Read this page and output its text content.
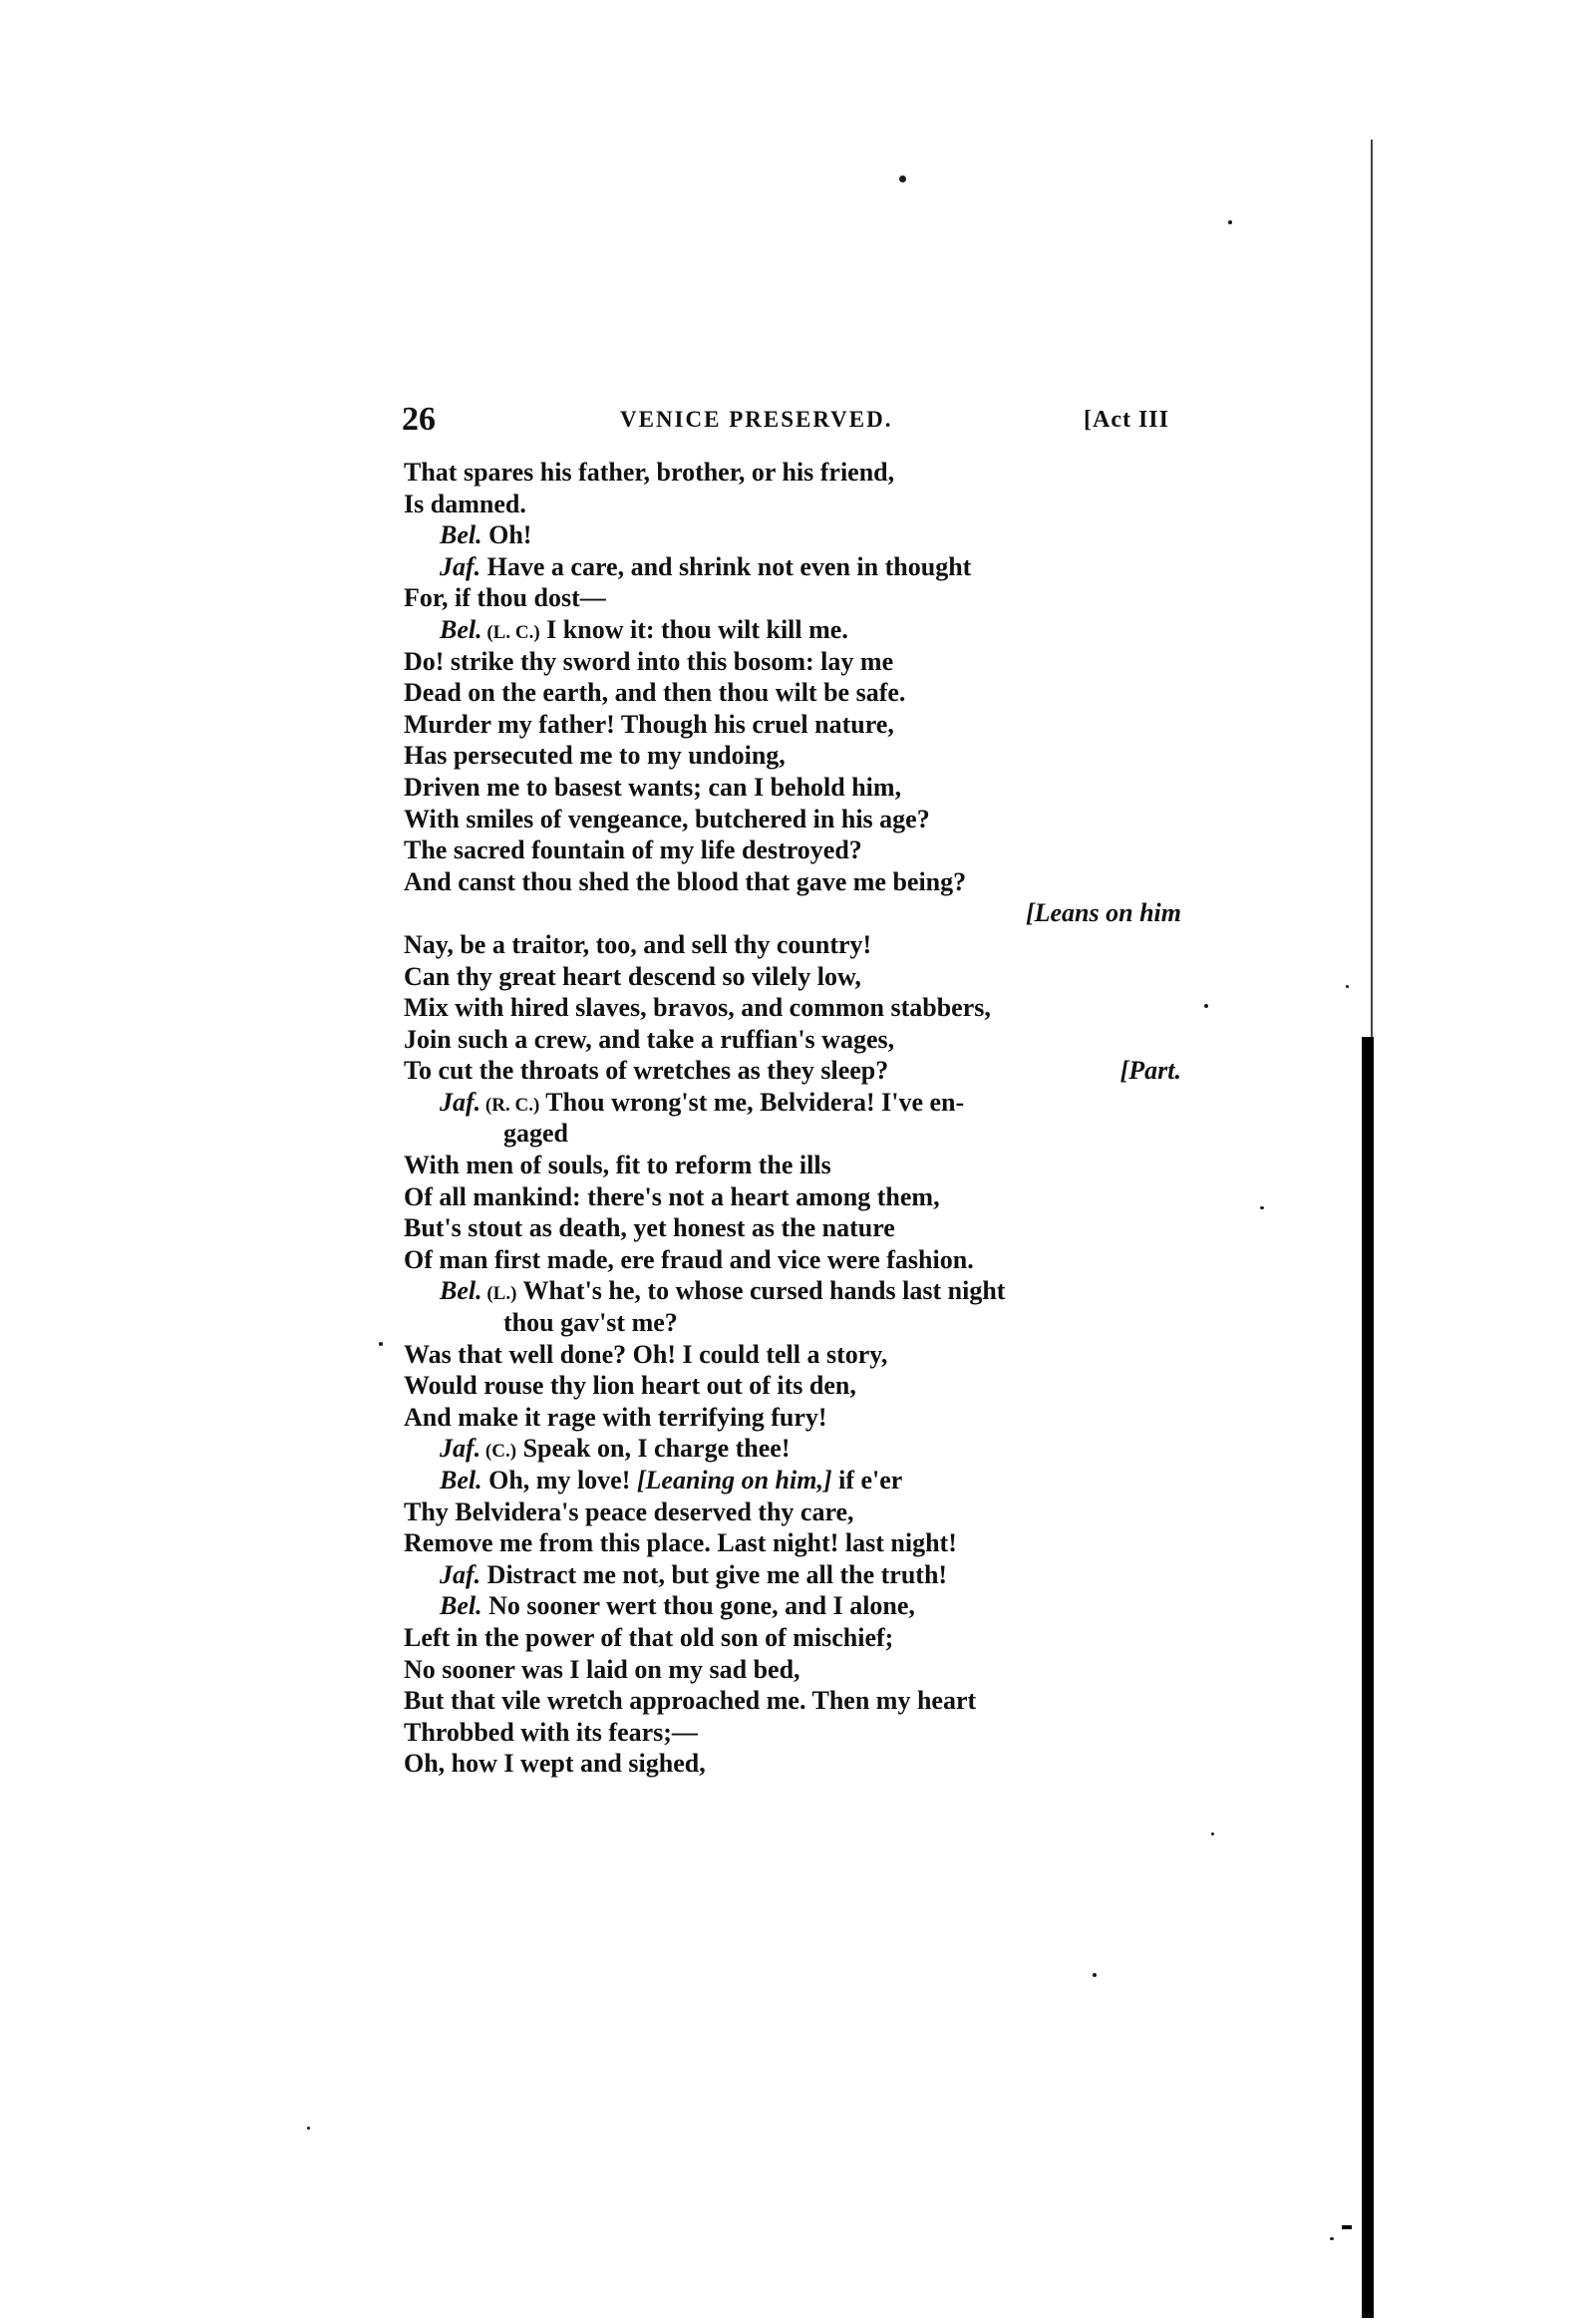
26	VENICE PRESERVED.	[Act III
That spares his father, brother, or his friend,
Is damned.
Bel. Oh!
Jaf. Have a care, and shrink not even in thought
For, if thou dost—
Bel. (L. C.) I know it: thou wilt kill me.
Do! strike thy sword into this bosom: lay me
Dead on the earth, and then thou wilt be safe.
Murder my father! Though his cruel nature,
Has persecuted me to my undoing,
Driven me to basest wants; can I behold him,
With smiles of vengeance, butchered in his age?
The sacred fountain of my life destroyed?
And canst thou shed the blood that gave me being?
[Leans on him
Nay, be a traitor, too, and sell thy country!
Can thy great heart descend so vilely low,
Mix with hired slaves, bravos, and common stabbers,
Join such a crew, and take a ruffian's wages,
To cut the throats of wretches as they sleep?	[Part.
Jaf. (R. C.) Thou wrong'st me, Belvidera! I've en-
gaged
With men of souls, fit to reform the ills
Of all mankind: there's not a heart among them,
But's stout as death, yet honest as the nature
Of man first made, ere fraud and vice were fashion.
Bel. (L.) What's he, to whose cursed hands last night
thou gav'st me?
Was that well done? Oh! I could tell a story,
Would rouse thy lion heart out of its den,
And make it rage with terrifying fury!
Jaf. (C.) Speak on, I charge thee!
Bel. Oh, my love! [Leaning on him,] if e'er
Thy Belvidera's peace deserved thy care,
Remove me from this place. Last night! last night!
Jaf. Distract me not, but give me all the truth!
Bel. No sooner wert thou gone, and I alone,
Left in the power of that old son of mischief;
No sooner was I laid on my sad bed,
But that vile wretch approached me. Then my heart
Throbbed with its fears;—
Oh, how I wept and sighed,
